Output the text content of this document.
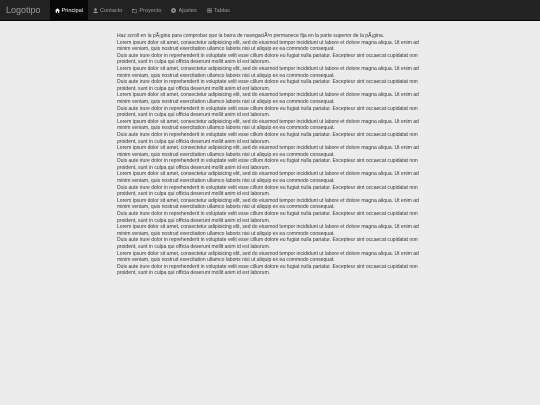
Logotipo	Principal	Contacto	Proyecto	Ajustes	Tablas

Haz scroll en la pÃ¡gina para comprobar que la barra de navegaciÃ³n permanece fija en la parte superior de la pÃ¡gina.

Lorem ipsum dolor sit amet, consectetur adipisicing elit, sed do eiusmod tempor incididunt ut labore et dolore magna aliqua. Ut enim ad minim veniam, quis nostrud exercitation ullamco laboris nisi ut aliquip ex ea commodo consequat.

Duis aute irure dolor in reprehenderit in voluptate velit esse cillum dolore eu fugiat nulla pariatur. Excepteur sint occaecat cupidatat non proident, sunt in culpa qui officia deserunt mollit anim id est laborum.

Lorem ipsum dolor sit amet, consectetur adipisicing elit, sed do eiusmod tempor incididunt ut labore et dolore magna aliqua. Ut enim ad minim veniam, quis nostrud exercitation ullamco laboris nisi ut aliquip ex ea commodo consequat.

Duis aute irure dolor in reprehenderit in voluptate velit esse cillum dolore eu fugiat nulla pariatur. Excepteur sint occaecat cupidatat non proident, sunt in culpa qui officia deserunt mollit anim id est laborum.

Lorem ipsum dolor sit amet, consectetur adipisicing elit, sed do eiusmod tempor incididunt ut labore et dolore magna aliqua. Ut enim ad minim veniam, quis nostrud exercitation ullamco laboris nisi ut aliquip ex ea commodo consequat.

Duis aute irure dolor in reprehenderit in voluptate velit esse cillum dolore eu fugiat nulla pariatur. Excepteur sint occaecat cupidatat non proident, sunt in culpa qui officia deserunt mollit anim id est laborum.

Lorem ipsum dolor sit amet, consectetur adipisicing elit, sed do eiusmod tempor incididunt ut labore et dolore magna aliqua. Ut enim ad minim veniam, quis nostrud exercitation ullamco laboris nisi ut aliquip ex ea commodo consequat.

Duis aute irure dolor in reprehenderit in voluptate velit esse cillum dolore eu fugiat nulla pariatur. Excepteur sint occaecat cupidatat non proident, sunt in culpa qui officia deserunt mollit anim id est laborum.

Lorem ipsum dolor sit amet, consectetur adipisicing elit, sed do eiusmod tempor incididunt ut labore et dolore magna aliqua. Ut enim ad minim veniam, quis nostrud exercitation ullamco laboris nisi ut aliquip ex ea commodo consequat.

Duis aute irure dolor in reprehenderit in voluptate velit esse cillum dolore eu fugiat nulla pariatur. Excepteur sint occaecat cupidatat non proident, sunt in culpa qui officia deserunt mollit anim id est laborum.

Lorem ipsum dolor sit amet, consectetur adipisicing elit, sed do eiusmod tempor incididunt ut labore et dolore magna aliqua. Ut enim ad minim veniam, quis nostrud exercitation ullamco laboris nisi ut aliquip ex ea commodo consequat.

Duis aute irure dolor in reprehenderit in voluptate velit esse cillum dolore eu fugiat nulla pariatur. Excepteur sint occaecat cupidatat non proident, sunt in culpa qui officia deserunt mollit anim id est laborum.

Lorem ipsum dolor sit amet, consectetur adipisicing elit, sed do eiusmod tempor incididunt ut labore et dolore magna aliqua. Ut enim ad minim veniam, quis nostrud exercitation ullamco laboris nisi ut aliquip ex ea commodo consequat.

Duis aute irure dolor in reprehenderit in voluptate velit esse cillum dolore eu fugiat nulla pariatur. Excepteur sint occaecat cupidatat non proident, sunt in culpa qui officia deserunt mollit anim id est laborum.

Lorem ipsum dolor sit amet, consectetur adipisicing elit, sed do eiusmod tempor incididunt ut labore et dolore magna aliqua. Ut enim ad minim veniam, quis nostrud exercitation ullamco laboris nisi ut aliquip ex ea commodo consequat.

Duis aute irure dolor in reprehenderit in voluptate velit esse cillum dolore eu fugiat nulla pariatur. Excepteur sint occaecat cupidatat non proident, sunt in culpa qui officia deserunt mollit anim id est laborum.

Lorem ipsum dolor sit amet, consectetur adipisicing elit, sed do eiusmod tempor incididunt ut labore et dolore magna aliqua. Ut enim ad minim veniam, quis nostrud exercitation ullamco laboris nisi ut aliquip ex ea commodo consequat.

Duis aute irure dolor in reprehenderit in voluptate velit esse cillum dolore eu fugiat nulla pariatur. Excepteur sint occaecat cupidatat non proident, sunt in culpa qui officia deserunt mollit anim id est laborum.
